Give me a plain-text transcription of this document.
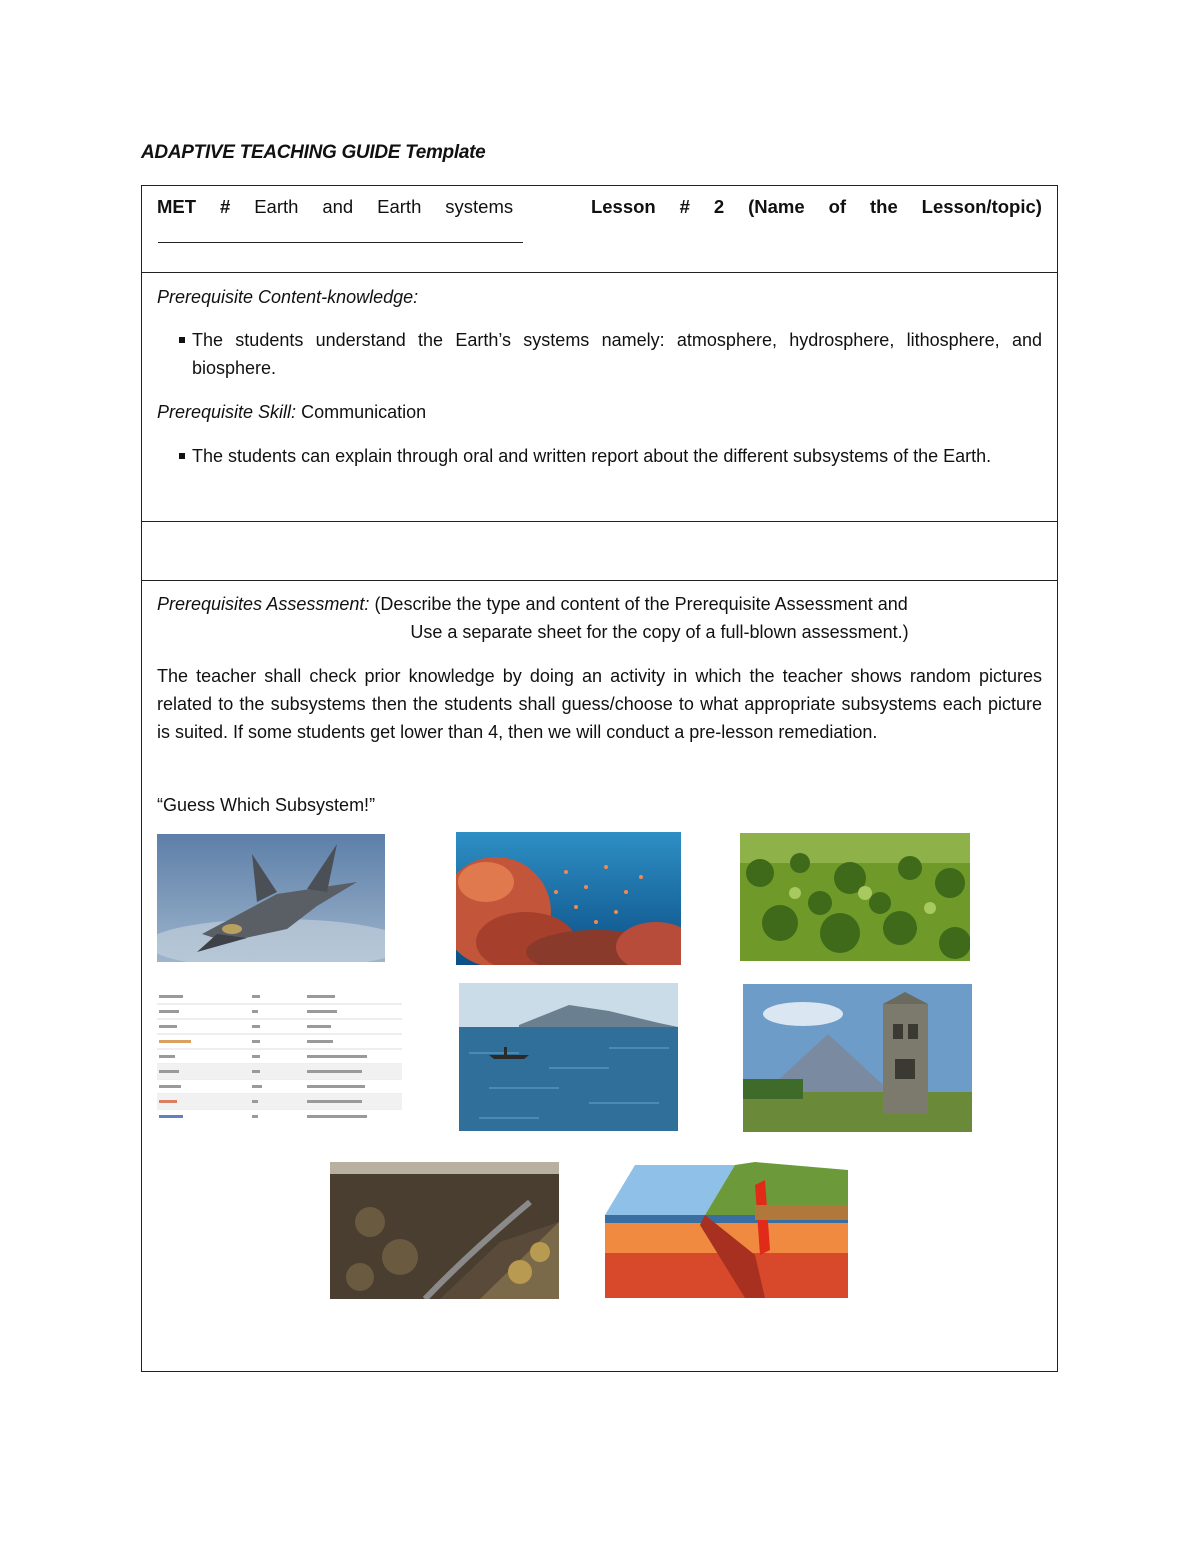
ADAPTIVE TEACHING GUIDE Template
MET # Earth and Earth systems	Lesson # 2 (Name of the Lesson/topic)
Prerequisite Content-knowledge:
The students understand the Earth’s systems namely: atmosphere, hydrosphere, lithosphere, and biosphere.
Prerequisite Skill: Communication
The students can explain through oral and written report about the different subsystems of the Earth.
Prerequisites Assessment: (Describe the type and content of the Prerequisite Assessment and
Use a separate sheet for the copy of a full-blown assessment.)
The teacher shall check prior knowledge by doing an activity in which the teacher shows random pictures related to the subsystems then the students shall guess/choose to what appropriate subsystems each picture is suited. If some students get lower than 4, then we will conduct a pre-lesson remediation.
“Guess Which Subsystem!”
